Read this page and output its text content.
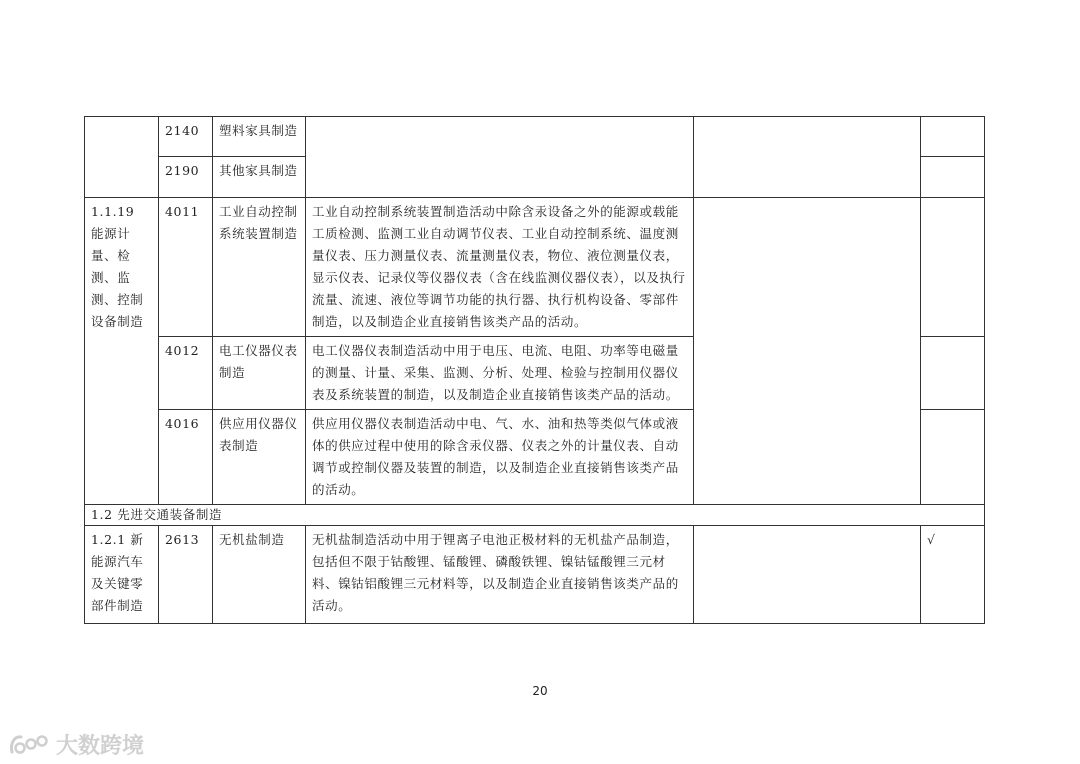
	2140	塑料家具制造			
	2190	其他家具制造			
1.1.19 能源计量、检测、监测、控制设备制造	4011	工业自动控制系统装置制造	工业自动控制系统装置制造活动中除含汞设备之外的能源或载能工质检测、监测工业自动调节仪表、工业自动控制系统、温度测量仪表、压力测量仪表、流量测量仪表，物位、液位测量仪表，显示仪表、记录仪等仪器仪表（含在线监测仪器仪表），以及执行流量、流速、液位等调节功能的执行器、执行机构设备、零部件制造，以及制造企业直接销售该类产品的活动。		
	4012	电工仪器仪表制造	电工仪器仪表制造活动中用于电压、电流、电阻、功率等电磁量的测量、计量、采集、监测、分析、处理、检验与控制用仪器仪表及系统装置的制造，以及制造企业直接销售该类产品的活动。		
	4016	供应用仪器仪表制造	供应用仪器仪表制造活动中电、气、水、油和热等类似气体或液体的供应过程中使用的除含汞仪器、仪表之外的计量仪表、自动调节或控制仪器及装置的制造，以及制造企业直接销售该类产品的活动。		
1.2 先进交通装备制造					
1.2.1 新能源汽车及关键零部件制造	2613	无机盐制造	无机盐制造活动中用于锂离子电池正极材料的无机盐产品制造，包括但不限于钴酸锂、锰酸锂、磷酸铁锂、镍钴锰酸锂三元材料、镍钴铝酸锂三元材料等，以及制造企业直接销售该类产品的活动。		√
20
大数跨境
